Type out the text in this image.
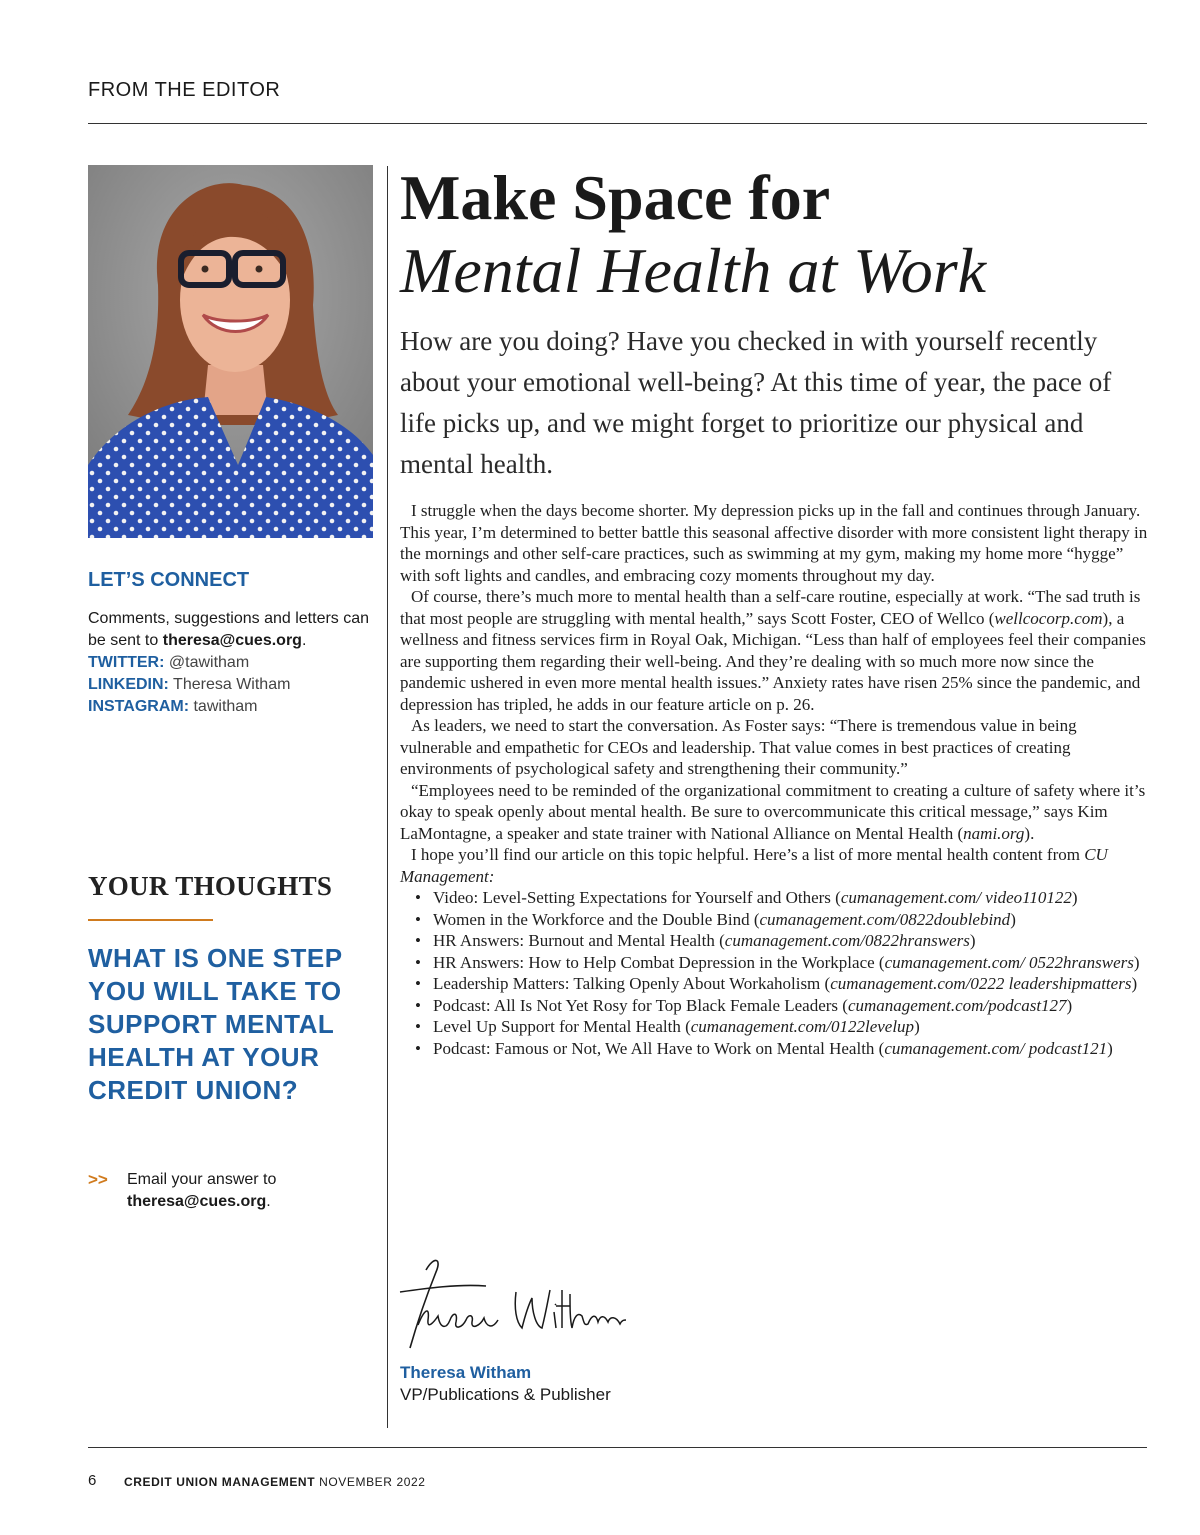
FROM THE EDITOR
LET’S CONNECT
Comments, suggestions and letters can be sent to theresa@cues.org.
TWITTER: @tawitham
LINKEDIN: Theresa Witham
INSTAGRAM: tawitham
YOUR THOUGHTS
WHAT IS ONE STEP YOU WILL TAKE TO SUPPORT MENTAL HEALTH AT YOUR CREDIT UNION?
>> Email your answer to
theresa@cues.org.
Make Space for
Mental Health at Work
How are you doing? Have you checked in with yourself recently about your emotional well-being? At this time of year, the pace of life picks up, and we might forget to prioritize our physical and mental health.

I struggle when the days become shorter. My depression picks up in the fall and continues through January. This year, I’m determined to better battle this seasonal affective disorder with more consistent light therapy in the mornings and other self-care practices, such as swimming at my gym, making my home more “hygge” with soft lights and candles, and embracing cozy moments throughout my day.

Of course, there’s much more to mental health than a self-care routine, especially at work. “The sad truth is that most people are struggling with mental health,” says Scott Foster, CEO of Wellco (wellcocorp.com), a wellness and fitness services firm in Royal Oak, Michigan. “Less than half of employees feel their companies are supporting them regarding their well-being. And they’re dealing with so much more now since the pandemic ushered in even more mental health issues.” Anxiety rates have risen 25% since the pandemic, and depression has tripled, he adds in our feature article on p. 26.

As leaders, we need to start the conversation. As Foster says: “There is tremendous value in being vulnerable and empathetic for CEOs and leadership. That value comes in best practices of creating environments of psychological safety and strengthening their community.”

“Employees need to be reminded of the organizational commitment to creating a culture of safety where it’s okay to speak openly about mental health. Be sure to overcommunicate this critical message,” says Kim LaMontagne, a speaker and state trainer with National Alliance on Mental Health (nami.org).

I hope you’ll find our article on this topic helpful. Here’s a list of more mental health content from CU Management:

• Video: Level-Setting Expectations for Yourself and Others (cumanagement.com/ video110122)
• Women in the Workforce and the Double Bind (cumanagement.com/0822doublebind)
• HR Answers: Burnout and Mental Health (cumanagement.com/0822hranswers)
• HR Answers: How to Help Combat Depression in the Workplace (cumanagement.com/ 0522hranswers)
• Leadership Matters: Talking Openly About Workaholism (cumanagement.com/0222 leadershipmatters)
• Podcast: All Is Not Yet Rosy for Top Black Female Leaders (cumanagement.com/podcast127)
• Level Up Support for Mental Health (cumanagement.com/0122levelup)
• Podcast: Famous or Not, We All Have to Work on Mental Health (cumanagement.com/ podcast121)
Theresa Witham
VP/Publications & Publisher
6 CREDIT UNION MANAGEMENT NOVEMBER 2022
